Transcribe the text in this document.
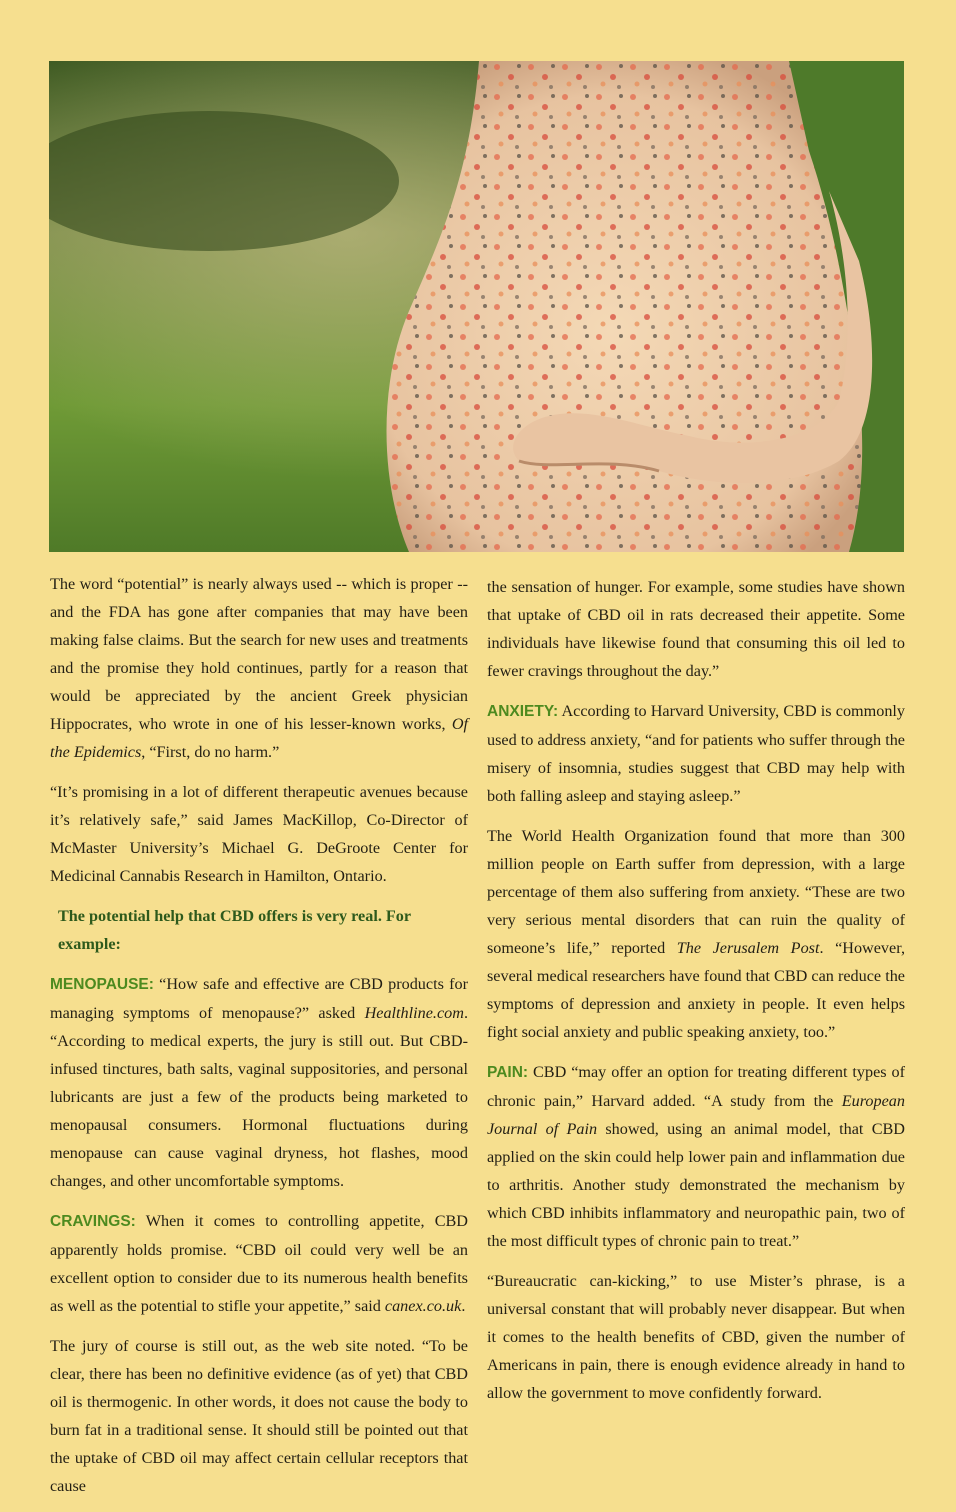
The word “potential” is nearly always used -- which is proper -- and the FDA has gone after companies that may have been making false claims. But the search for new uses and treatments and the promise they hold continues, partly for a reason that would be appreciated by the ancient Greek physician Hippocrates, who wrote in one of his lesser-known works, Of the Epidemics, “First, do no harm.”

“It’s promising in a lot of different therapeutic avenues because it’s relatively safe,” said James MacKillop, Co-Director of McMaster University’s Michael G. DeGroote Center for Medicinal Cannabis Research in Hamilton, Ontario.

The potential help that CBD offers is very real. For example:

MENOPAUSE: “How safe and effective are CBD products for managing symptoms of menopause?” asked Healthline.com. “According to medical experts, the jury is still out. But CBD-infused tinctures, bath salts, vaginal suppositories, and personal lubricants are just a few of the products being marketed to menopausal consumers. Hormonal fluctuations during menopause can cause vaginal dryness, hot flashes, mood changes, and other uncomfortable symptoms.

CRAVINGS: When it comes to controlling appetite, CBD apparently holds promise. “CBD oil could very well be an excellent option to consider due to its numerous health benefits as well as the potential to stifle your appetite,” said canex.co.uk.

The jury of course is still out, as the web site noted. “To be clear, there has been no definitive evidence (as of yet) that CBD oil is thermogenic. In other words, it does not cause the body to burn fat in a traditional sense. It should still be pointed out that the uptake of CBD oil may affect certain cellular receptors that cause

the sensation of hunger. For example, some studies have shown that uptake of CBD oil in rats decreased their appetite. Some individuals have likewise found that consuming this oil led to fewer cravings throughout the day.”

ANXIETY: According to Harvard University, CBD is commonly used to address anxiety, “and for patients who suffer through the misery of insomnia, studies suggest that CBD may help with both falling asleep and staying asleep.”

The World Health Organization found that more than 300 million people on Earth suffer from depression, with a large percentage of them also suffering from anxiety. “These are two very serious mental disorders that can ruin the quality of someone’s life,” reported The Jerusalem Post. “However, several medical researchers have found that CBD can reduce the symptoms of depression and anxiety in people. It even helps fight social anxiety and public speaking anxiety, too.”

PAIN: CBD “may offer an option for treating different types of chronic pain,” Harvard added. “A study from the European Journal of Pain showed, using an animal model, that CBD applied on the skin could help lower pain and inflammation due to arthritis. Another study demonstrated the mechanism by which CBD inhibits inflammatory and neuropathic pain, two of the most difficult types of chronic pain to treat.”

“Bureaucratic can-kicking,” to use Mister’s phrase, is a universal constant that will probably never disappear. But when it comes to the health benefits of CBD, given the number of Americans in pain, there is enough evidence already in hand to allow the government to move confidently forward.
